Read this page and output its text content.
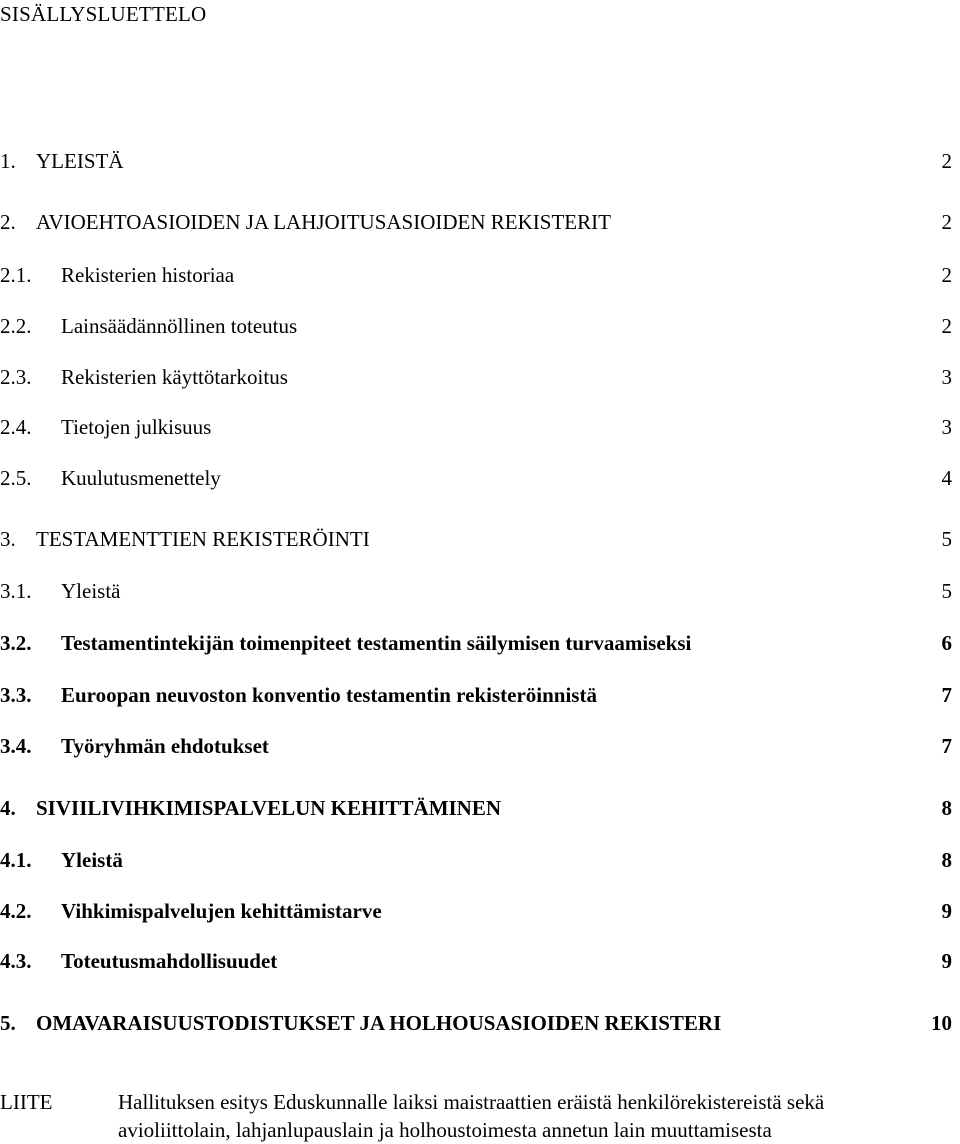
SISÄLLYSLUETTELO
1. YLEISTÄ	2
2. AVIOEHTOASIOIDEN JA LAHJOITUSASIOIDEN REKISTERIT	2
2.1. Rekisterien historiaa	2
2.2. Lainsäädännöllinen toteutus	2
2.3. Rekisterien käyttötarkoitus	3
2.4. Tietojen julkisuus	3
2.5. Kuulutusmenettely	4
3. TESTAMENTTIEN REKISTERÖINTI	5
3.1. Yleistä	5
3.2. Testamentintekijän toimenpiteet testamentin säilymisen turvaamiseksi	6
3.3. Euroopan neuvoston konventio testamentin rekisteröinnistä	7
3.4. Työryhmän ehdotukset	7
4. SIVIILIVIHKIMISPALVELUN KEHITTÄMINEN	8
4.1. Yleistä	8
4.2. Vihkimispalvelujen kehittämistarve	9
4.3. Toteutusmahdollisuudet	9
5. OMAVARAISUUSTODISTUKSET JA HOLHOUSASIOIDEN REKISTERI	10
LIITE	Hallituksen esitys Eduskunnalle laiksi maistraattien eräistä henkilörekistereistä sekä
avioliittolain, lahjanlupauslain ja holhoustoimesta annetun lain muuttamisesta
